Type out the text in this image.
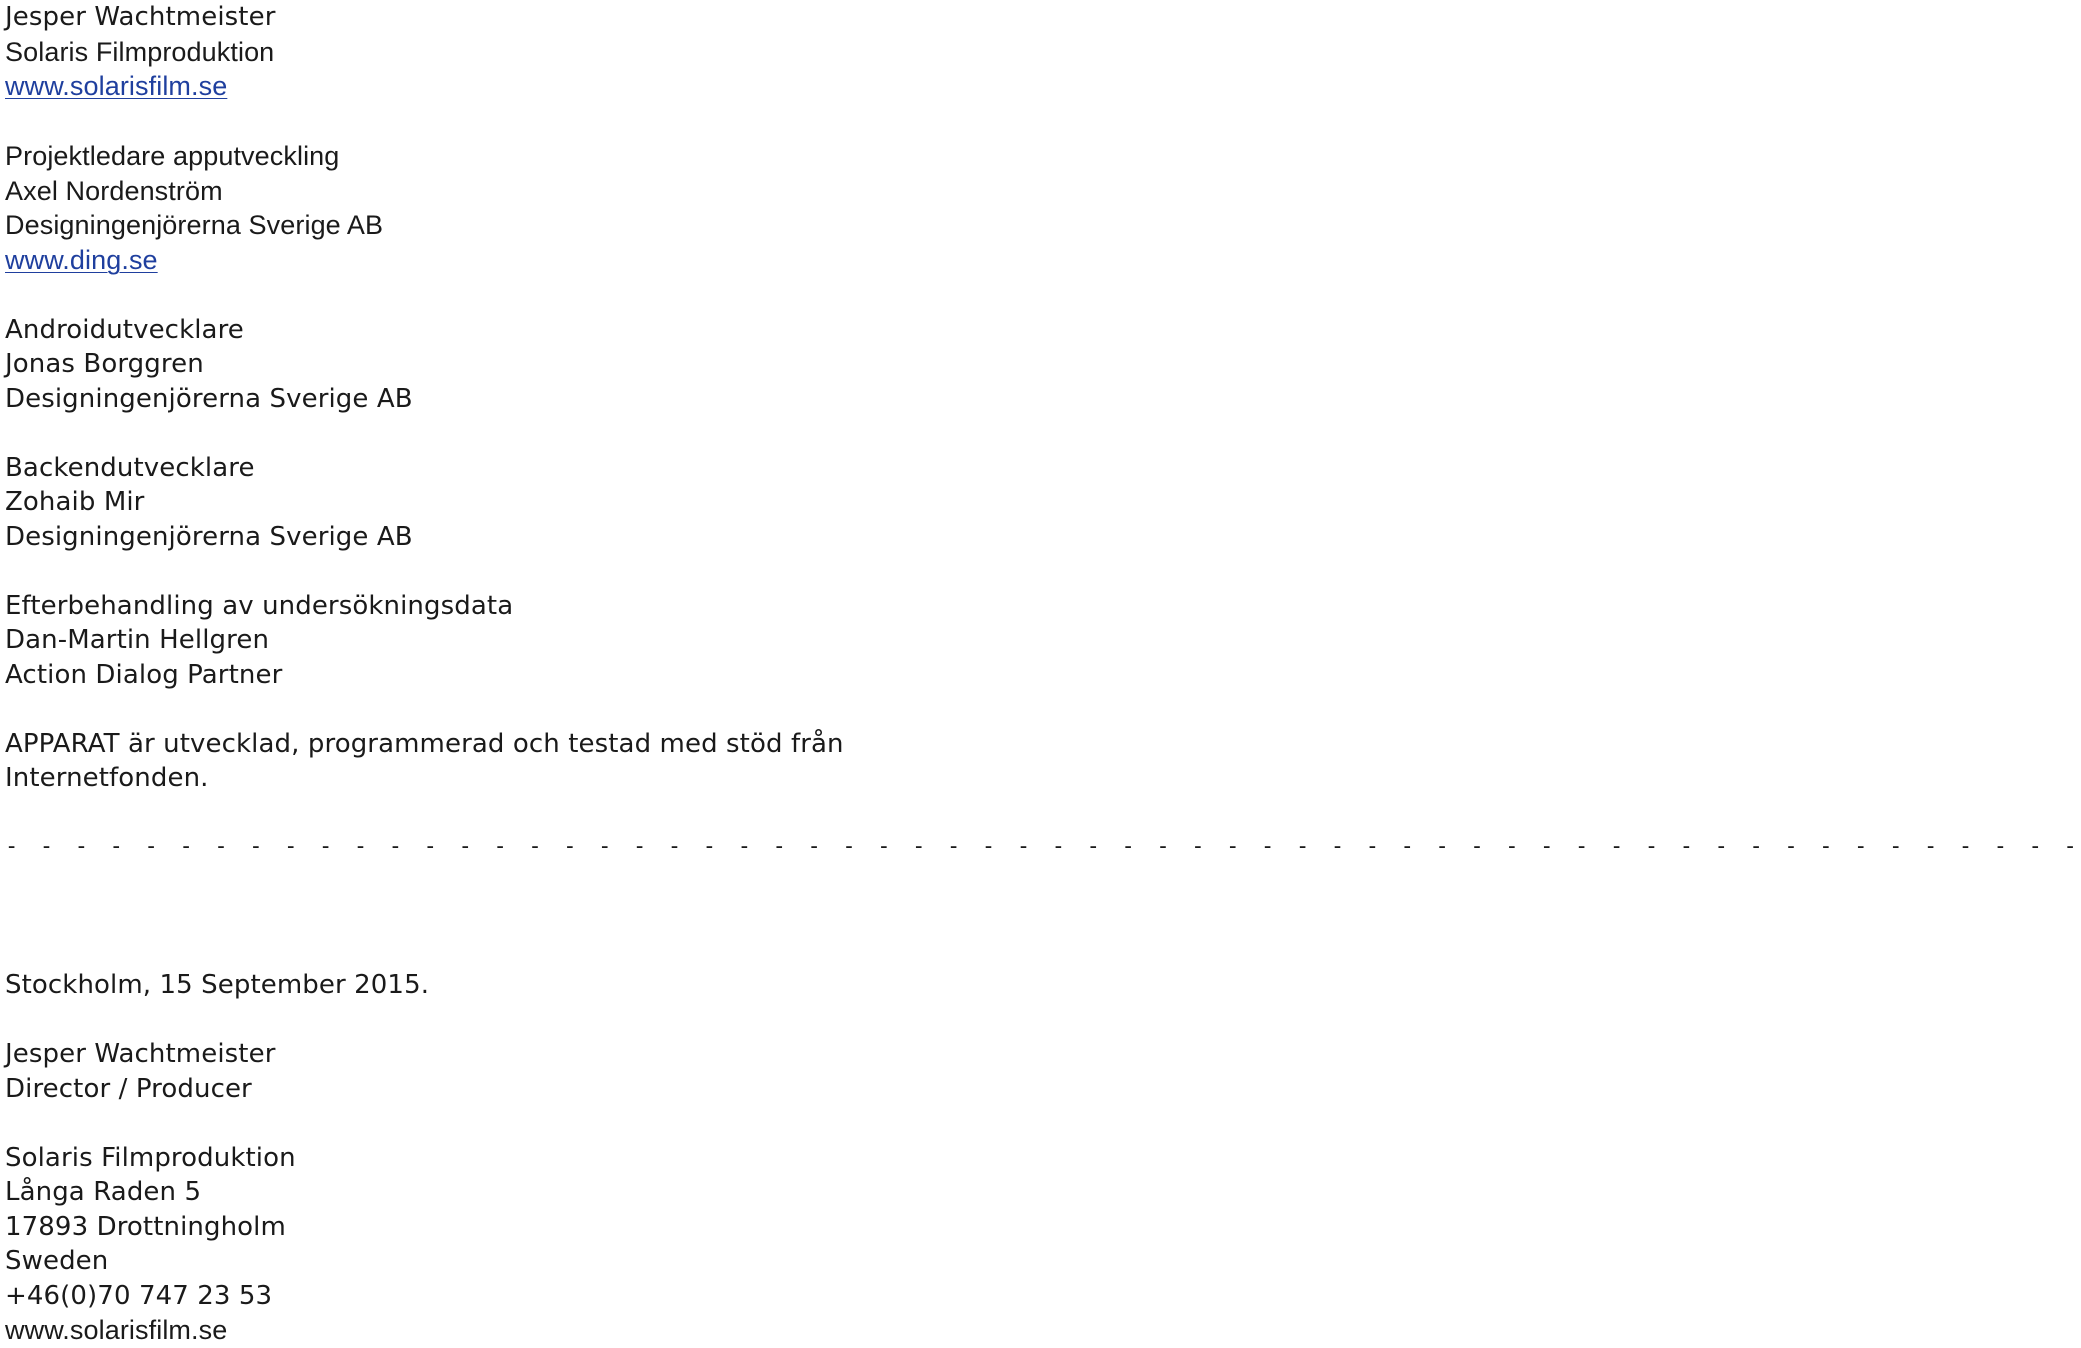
Jesper Wachtmeister
Solaris Filmproduktion
www.solarisfilm.se
Projektledare apputveckling
Axel Nordenström
Designingenjörerna Sverige AB
www.ding.se
Androidutvecklare
Jonas Borggren
Designingenjörerna Sverige AB
Backendutvecklare
Zohaib Mir
Designingenjörerna Sverige AB
Efterbehandling av undersökningsdata
Dan-Martin Hellgren
Action Dialog Partner
APPARAT är utvecklad, programmerad och testad med stöd från
Internetfonden.
- - - - - - - - - - - - - - - - - - - - - - - - - - - - - - - - - - - - - - - - - - - - - - - - - - - - - - - - - - - -
Stockholm, 15 September 2015.
Jesper Wachtmeister
Director / Producer
Solaris Filmproduktion
Långa Raden 5
17893 Drottningholm
Sweden
+46(0)70 747 23 53
www.solarisfilm.se
